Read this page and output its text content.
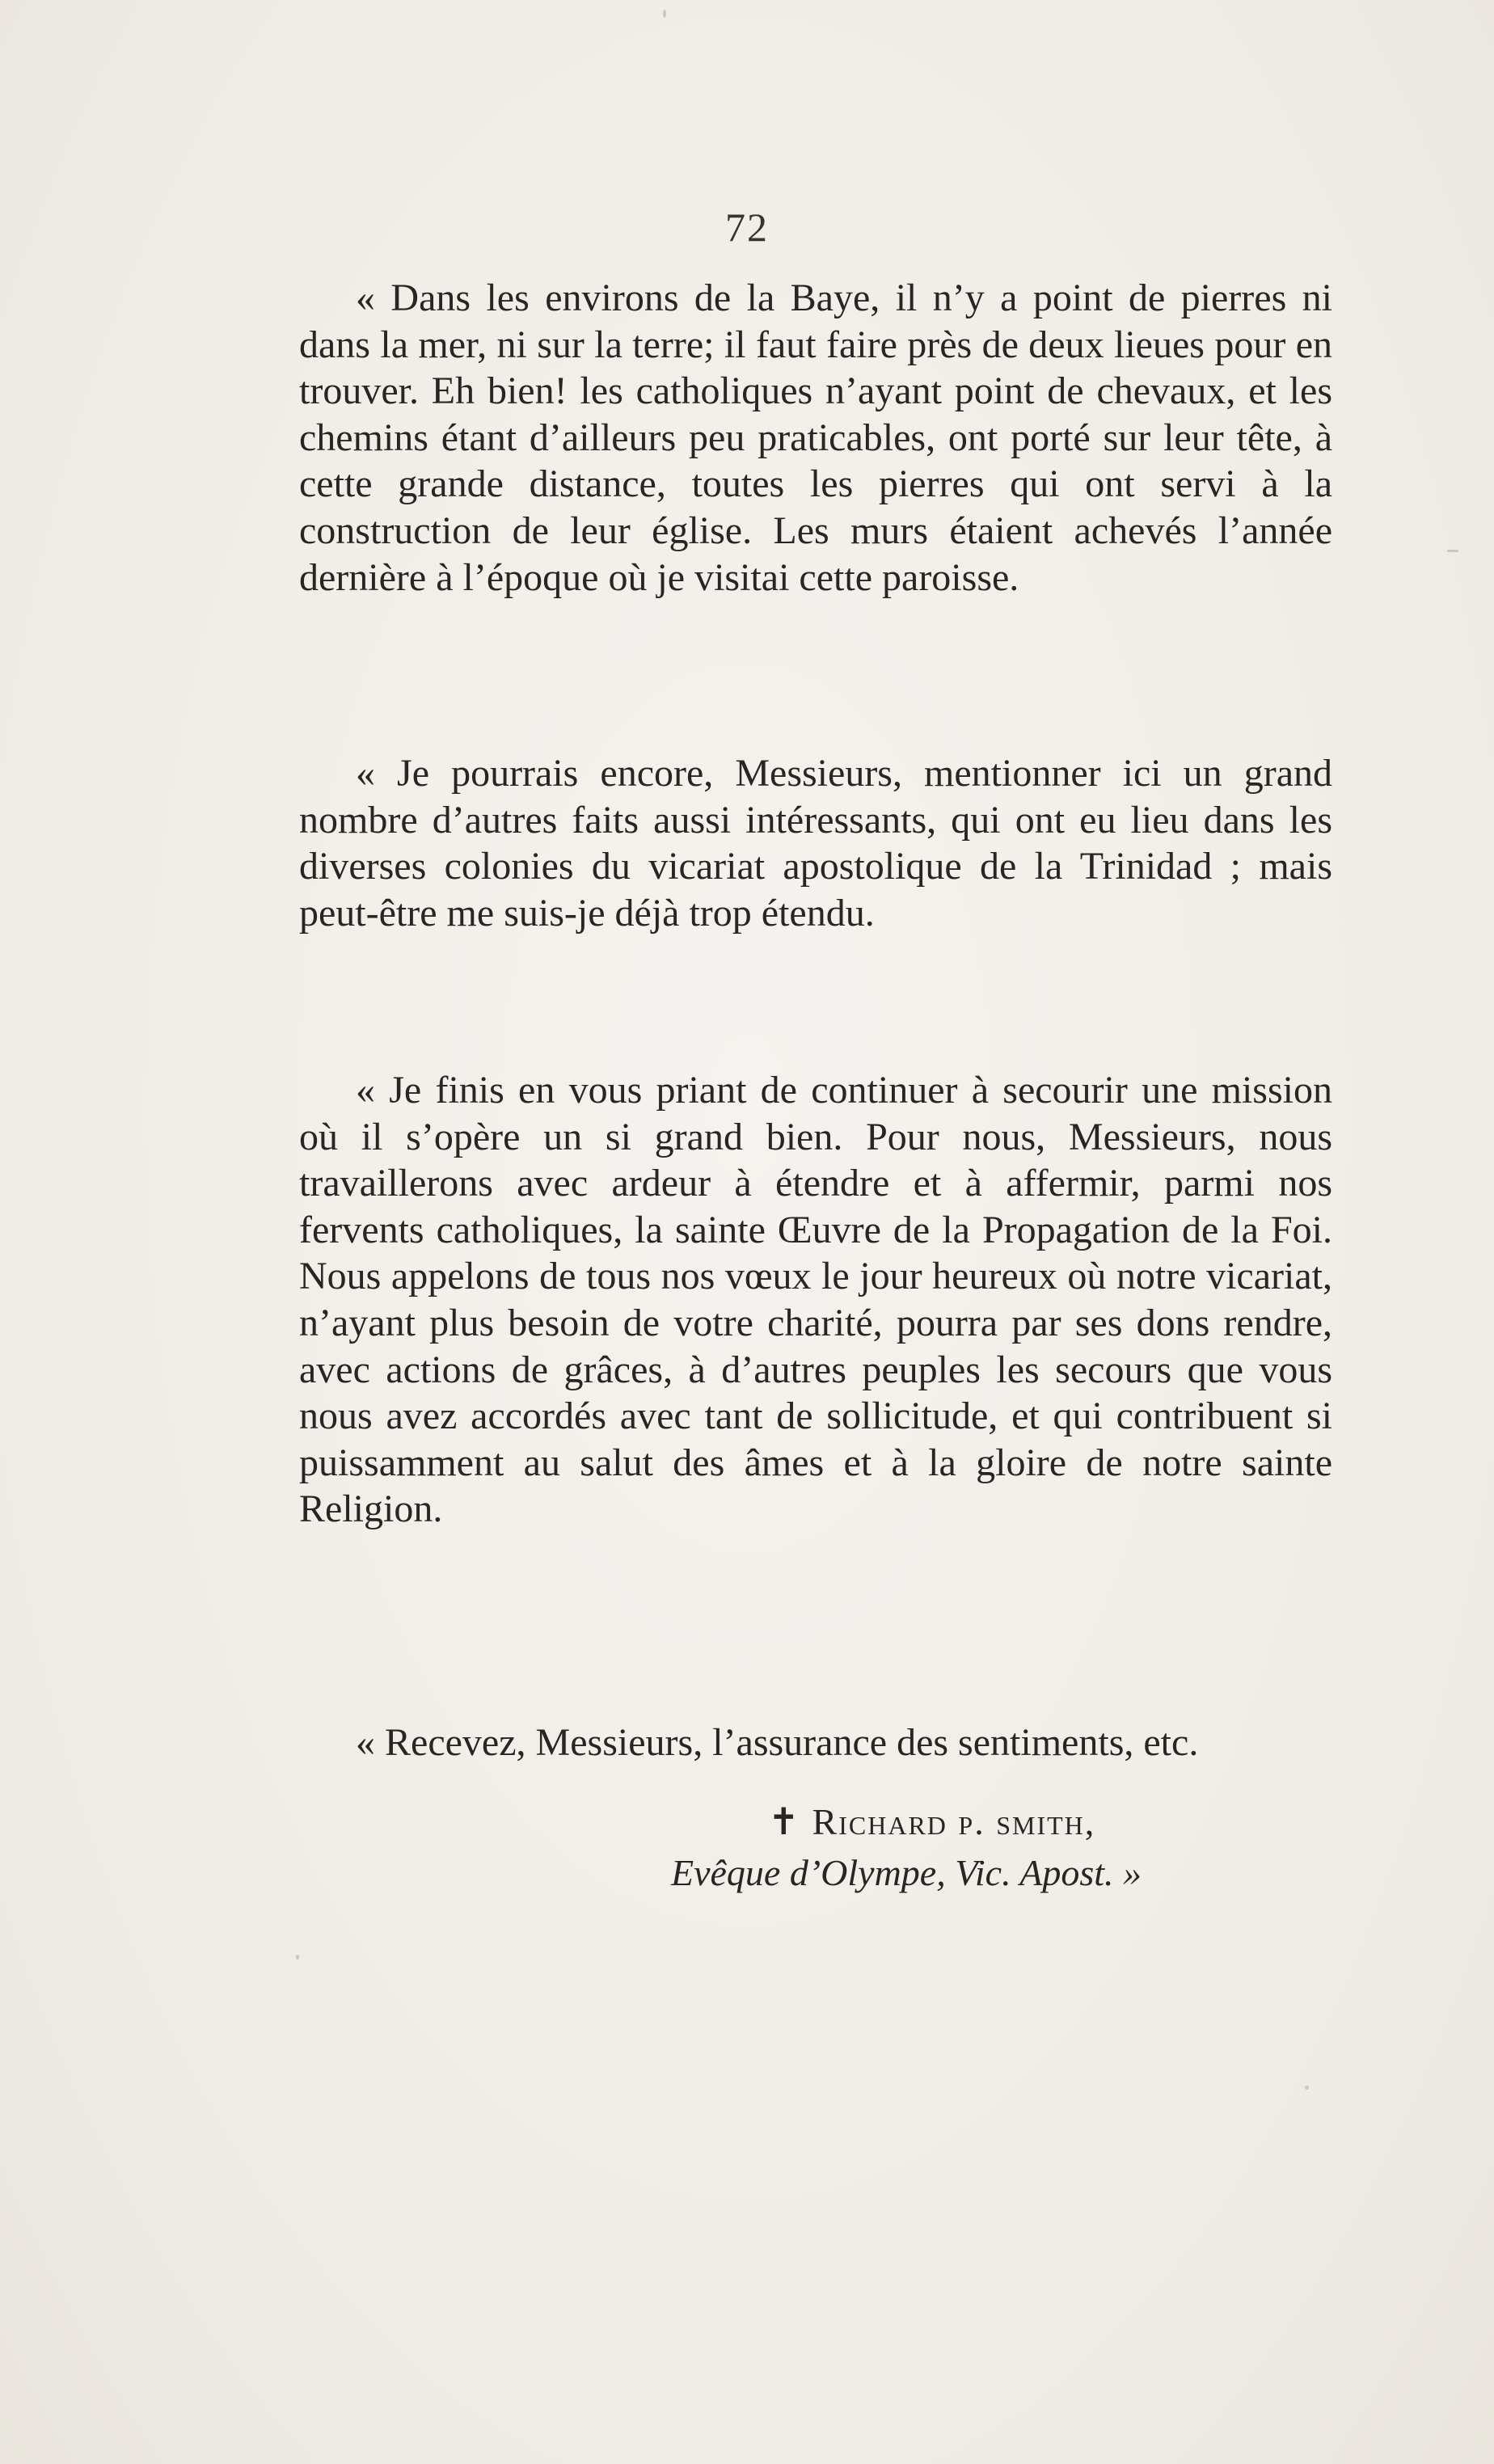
72

« Dans les environs de la Baye, il n’y a point de pierres ni dans la mer, ni sur la terre; il faut faire près de deux lieues pour en trouver. Eh bien! les catholiques n’ayant point de chevaux, et les chemins étant d’ailleurs peu praticables, ont porté sur leur tête, à cette grande distance, toutes les pierres qui ont servi à la construction de leur église. Les murs étaient achevés l’année dernière à l’époque où je visitai cette paroisse.

« Je pourrais encore, Messieurs, mentionner ici un grand nombre d’autres faits aussi intéressants, qui ont eu lieu dans les diverses colonies du vicariat apostolique de la Trinidad ; mais peut-être me suis-je déjà trop étendu.

« Je finis en vous priant de continuer à secourir une mission où il s’opère un si grand bien. Pour nous, Messieurs, nous travaillerons avec ardeur à étendre et à affermir, parmi nos fervents catholiques, la sainte Œuvre de la Propagation de la Foi. Nous appelons de tous nos vœux le jour heureux où notre vicariat, n’ayant plus besoin de votre charité, pourra par ses dons rendre, avec actions de grâces, à d’autres peuples les secours que vous nous avez accordés avec tant de sollicitude, et qui contribuent si puissamment au salut des âmes et à la gloire de notre sainte Religion.

« Recevez, Messieurs, l’assurance des sentiments, etc.

✝ Richard p. smith,
Evêque d’Olympe, Vic. Apost. »
